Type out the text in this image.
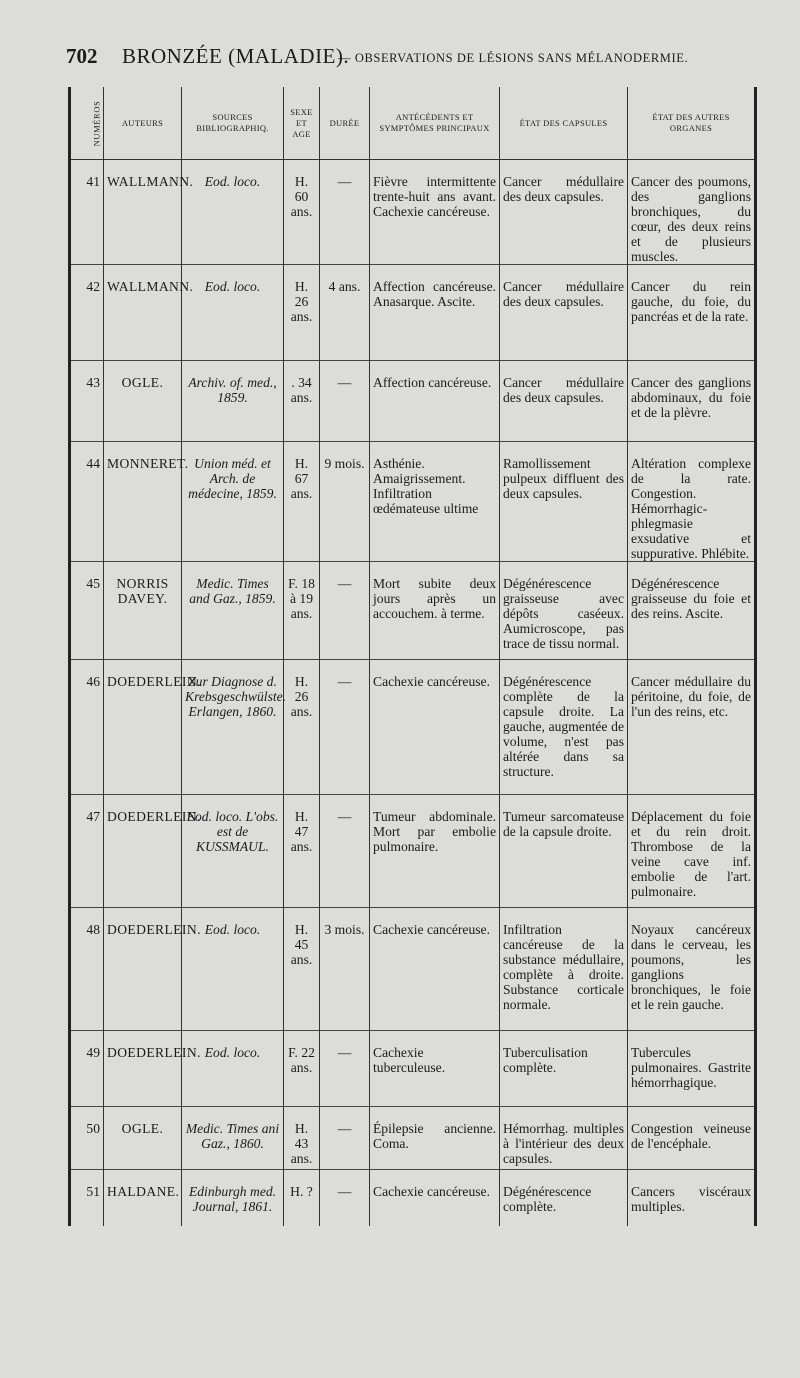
702 BRONZÉE (MALADIE).
— OBSERVATIONS DE LÉSIONS SANS MÉLANODERMIE.
NUMÉROS	AUTEURS	SOURCES BIBLIOGRAPHIQ.	SEXE ET AGE	DURÉE	ANTÉCÉDENTS ET SYMPTÔMES PRINCIPAUX	ÉTAT DES CAPSULES	ÉTAT DES AUTRES ORGANES
41	WALLMANN.	Eod. loco.	H. 60 ans.	—	Fièvre intermittente trente-huit ans avant. Cachexie cancéreuse.	Cancer médullaire des deux capsules.	Cancer des poumons, des ganglions bronchiques, du cœur, des deux reins et de plusieurs muscles.
42	WALLMANN.	Eod. loco.	H. 26 ans.	4 ans.	Affection cancéreuse. Anasarque. Ascite.	Cancer médullaire des deux capsules.	Cancer du rein gauche, du foie, du pancréas et de la rate.
43	OGLE.	Archiv. of. med., 1859.	. 34 ans.	—	Affection cancéreuse.	Cancer médullaire des deux capsules.	Cancer des ganglions abdominaux, du foie et de la plèvre.
44	MONNERET.	Union méd. et Arch. de médecine, 1859.	H. 67 ans.	9 mois.	Asthénie. Amaigrissement. Infiltration œdémateuse ultime	Ramollissement pulpeux diffluent des deux capsules.	Altération complexe de la rate. Congestion. Hémorrhagic-phlegmasie exsudative et suppurative. Phlébite.
45	NORRIS DAVEY.	Medic. Times and Gaz., 1859.	F. 18 à 19 ans.	—	Mort subite deux jours après un accouchem. à terme.	Dégénérescence graisseuse avec dépôts caséeux. Aumicroscope, pas trace de tissu normal.	Dégénérescence graisseuse du foie et des reins. Ascite.
46	DOEDERLEIN.	Zur Diagnose d. Krebsgeschwülste. Erlangen, 1860.	H. 26 ans.	—	Cachexie cancéreuse.	Dégénérescence complète de la capsule droite. La gauche, augmentée de volume, n'est pas altérée dans sa structure.	Cancer médullaire du péritoine, du foie, de l'un des reins, etc.
47	DOEDERLEIN.	Eod. loco. L'obs. est de KUSSMAUL.	H. 47 ans.	—	Tumeur abdominale. Mort par embolie pulmonaire.	Tumeur sarcomateuse de la capsule droite.	Déplacement du foie et du rein droit. Thrombose de la veine cave inf. embolie de l'art. pulmonaire.
48	DOEDERLEIN.	Eod. loco.	H. 45 ans.	3 mois.	Cachexie cancéreuse.	Infiltration cancéreuse de la substance médullaire, complète à droite. Substance corticale normale.	Noyaux cancéreux dans le cerveau, les poumons, les ganglions bronchiques, le foie et le rein gauche.
49	DOEDERLEIN.	Eod. loco.	F. 22 ans.	—	Cachexie tuberculeuse.	Tuberculisation complète.	Tubercules pulmonaires. Gastrite hémorrhagique.
50	OGLE.	Medic. Times ani Gaz., 1860.	H. 43 ans.	—	Épilepsie ancienne. Coma.	Hémorrhag. multiples à l'intérieur des deux capsules.	Congestion veineuse de l'encéphale.
51	HALDANE.	Edinburgh med. Journal, 1861.	H. ?	—	Cachexie cancéreuse.	Dégénérescence complète.	Cancers viscéraux multiples.
